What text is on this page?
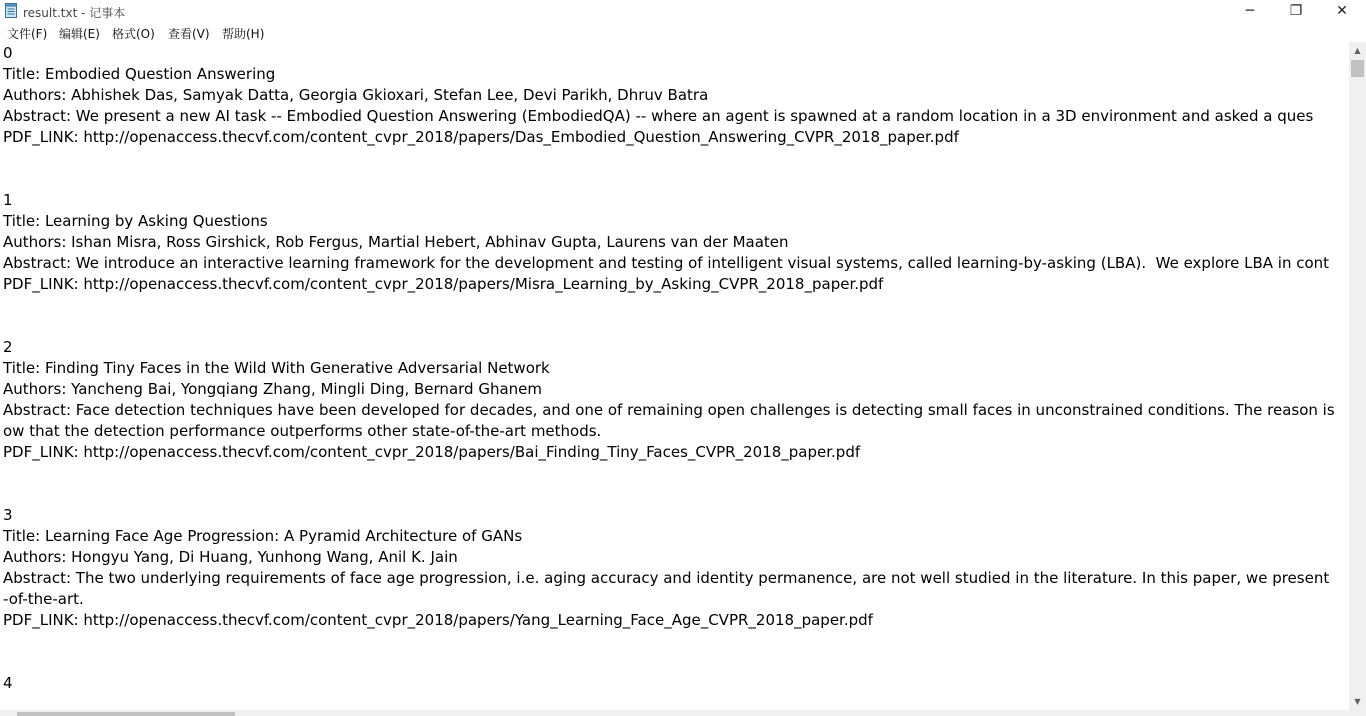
result.txt - 记事本	─	❐	✕
文件(F) 编辑(E) 格式(O) 查看(V) 帮助(H)
0
Title: Embodied Question Answering
Authors: Abhishek Das, Samyak Datta, Georgia Gkioxari, Stefan Lee, Devi Parikh, Dhruv Batra
Abstract: We present a new AI task -- Embodied Question Answering (EmbodiedQA) -- where an agent is spawned at a random location in a 3D environment and asked a ques
PDF_LINK: http://openaccess.thecvf.com/content_cvpr_2018/papers/Das_Embodied_Question_Answering_CVPR_2018_paper.pdf
1
Title: Learning by Asking Questions
Authors: Ishan Misra, Ross Girshick, Rob Fergus, Martial Hebert, Abhinav Gupta, Laurens van der Maaten
Abstract: We introduce an interactive learning framework for the development and testing of intelligent visual systems, called learning-by-asking (LBA).  We explore LBA in cont
PDF_LINK: http://openaccess.thecvf.com/content_cvpr_2018/papers/Misra_Learning_by_Asking_CVPR_2018_paper.pdf
2
Title: Finding Tiny Faces in the Wild With Generative Adversarial Network
Authors: Yancheng Bai, Yongqiang Zhang, Mingli Ding, Bernard Ghanem
Abstract: Face detection techniques have been developed for decades, and one of remaining open challenges is detecting small faces in unconstrained conditions. The reason is
ow that the detection performance outperforms other state-of-the-art methods.
PDF_LINK: http://openaccess.thecvf.com/content_cvpr_2018/papers/Bai_Finding_Tiny_Faces_CVPR_2018_paper.pdf
3
Title: Learning Face Age Progression: A Pyramid Architecture of GANs
Authors: Hongyu Yang, Di Huang, Yunhong Wang, Anil K. Jain
Abstract: The two underlying requirements of face age progression, i.e. aging accuracy and identity permanence, are not well studied in the literature. In this paper, we present
-of-the-art.
PDF_LINK: http://openaccess.thecvf.com/content_cvpr_2018/papers/Yang_Learning_Face_Age_CVPR_2018_paper.pdf
4
▲
▼
